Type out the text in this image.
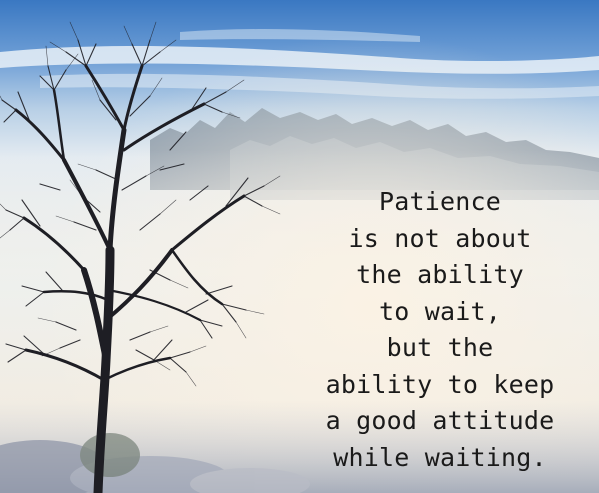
Patience
is not about
the ability
to wait,
but the
ability to keep
a good attitude
while waiting.
